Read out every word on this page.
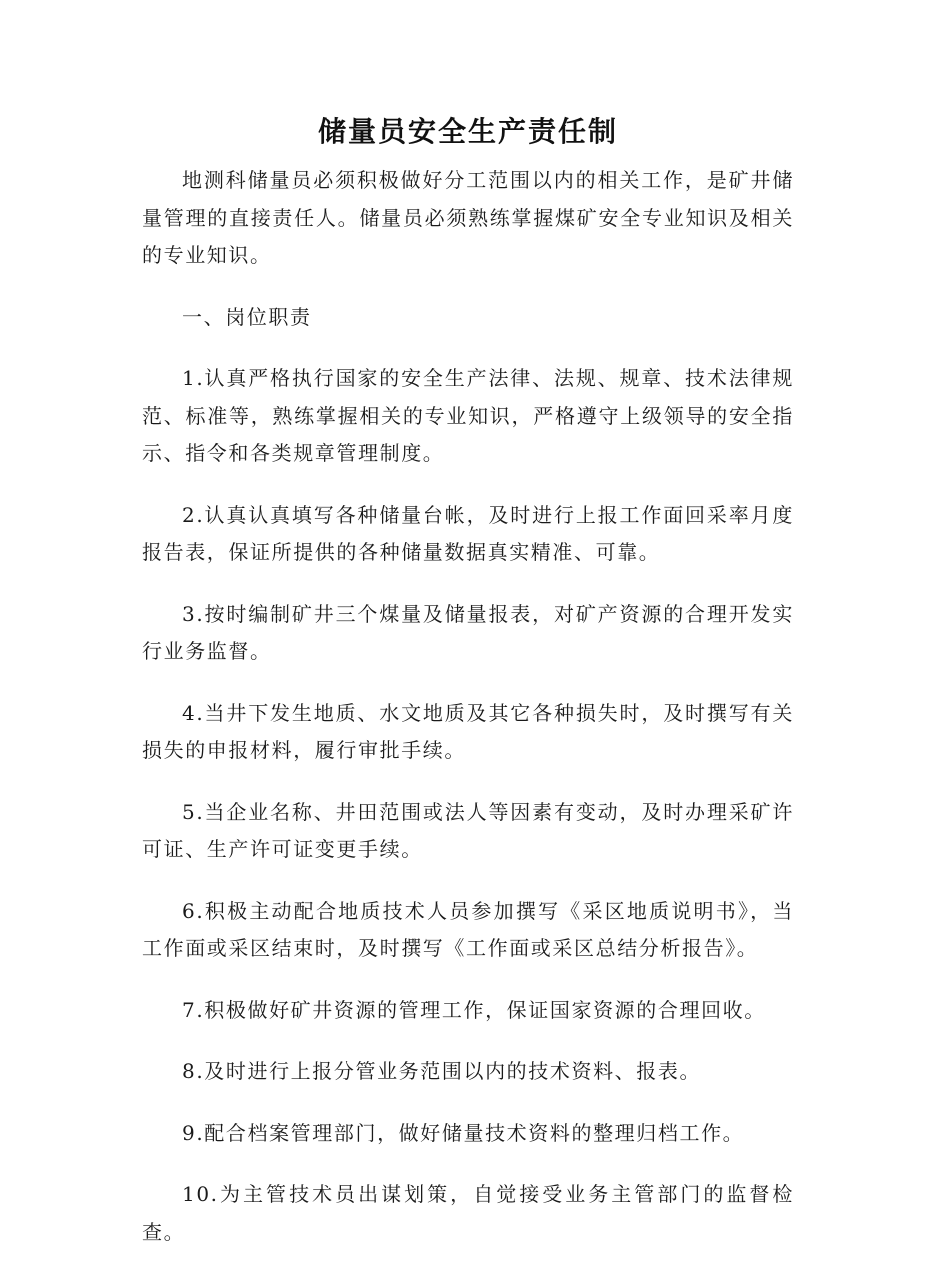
储量员安全生产责任制

地测科储量员必须积极做好分工范围以内的相关工作，是矿井储量管理的直接责任人。储量员必须熟练掌握煤矿安全专业知识及相关的专业知识。

一、岗位职责

1.认真严格执行国家的安全生产法律、法规、规章、技术法律规范、标准等，熟练掌握相关的专业知识，严格遵守上级领导的安全指示、指令和各类规章管理制度。

2.认真认真填写各种储量台帐，及时进行上报工作面回采率月度报告表，保证所提供的各种储量数据真实精准、可靠。

3.按时编制矿井三个煤量及储量报表，对矿产资源的合理开发实行业务监督。

4.当井下发生地质、水文地质及其它各种损失时，及时撰写有关损失的申报材料，履行审批手续。

5.当企业名称、井田范围或法人等因素有变动，及时办理采矿许可证、生产许可证变更手续。

6.积极主动配合地质技术人员参加撰写《采区地质说明书》，当工作面或采区结束时，及时撰写《工作面或采区总结分析报告》。

7.积极做好矿井资源的管理工作，保证国家资源的合理回收。

8.及时进行上报分管业务范围以内的技术资料、报表。

9.配合档案管理部门，做好储量技术资料的整理归档工作。

10.为主管技术员出谋划策，自觉接受业务主管部门的监督检查。
